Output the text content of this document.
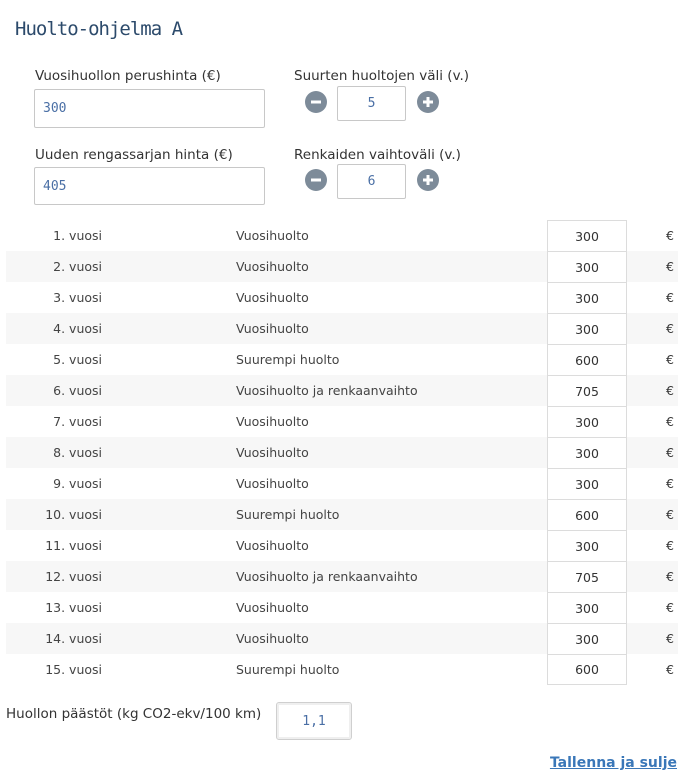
Huolto-ohjelma A
Vuosihuollon perushinta (€)
300
Uuden rengassarjan hinta (€)
405
Suurten huoltojen väli (v.)
5
Renkaiden vaihtoväli (v.)
6
1. vuosi	Vuosihuolto	300	€
2. vuosi	Vuosihuolto	300	€
3. vuosi	Vuosihuolto	300	€
4. vuosi	Vuosihuolto	300	€
5. vuosi	Suurempi huolto	600	€
6. vuosi	Vuosihuolto ja renkaanvaihto	705	€
7. vuosi	Vuosihuolto	300	€
8. vuosi	Vuosihuolto	300	€
9. vuosi	Vuosihuolto	300	€
10. vuosi	Suurempi huolto	600	€
11. vuosi	Vuosihuolto	300	€
12. vuosi	Vuosihuolto ja renkaanvaihto	705	€
13. vuosi	Vuosihuolto	300	€
14. vuosi	Vuosihuolto	300	€
15. vuosi	Suurempi huolto	600	€
Huollon päästöt (kg CO2-ekv/100 km)	1,1
Tallenna ja sulje
